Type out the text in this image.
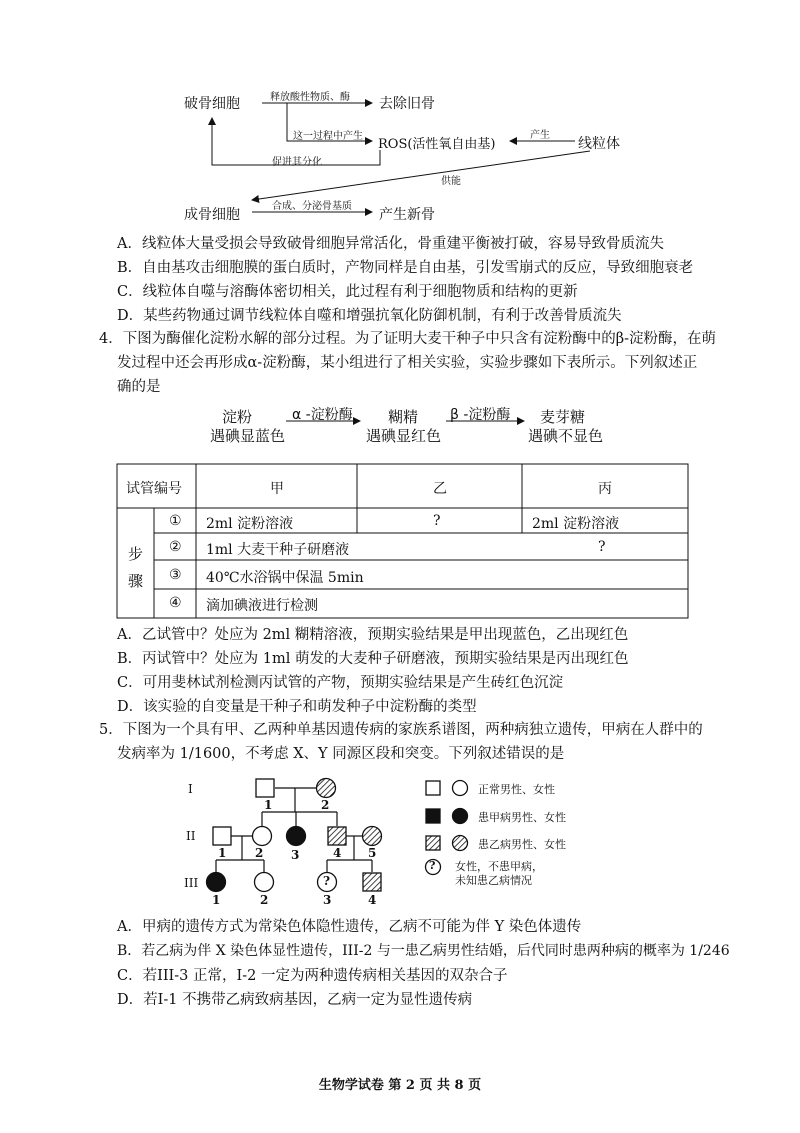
破骨细胞	释放酸性物质、酶 去除旧骨
这一过程中产生
ROS(活性氧自由基)
产生
线粒体
促进其分化
供能
成骨细胞
合成、分泌骨基质
产生新骨
A．线粒体大量受损会导致破骨细胞异常活化，骨重建平衡被打破，容易导致骨质流失
B．自由基攻击细胞膜的蛋白质时，产物同样是自由基，引发雪崩式的反应，导致细胞衰老
C．线粒体自噬与溶酶体密切相关，此过程有利于细胞物质和结构的更新
D．某些药物通过调节线粒体自噬和增强抗氧化防御机制，有利于改善骨质流失
4．下图为酶催化淀粉水解的部分过程。为了证明大麦干种子中只含有淀粉酶中的β-淀粉酶，在萌
发过程中还会再形成α-淀粉酶，某小组进行了相关实验，实验步骤如下表所示。下列叙述正
确的是
淀粉
遇碘显蓝色
α -淀粉酶 糊精
遇碘显红色
β -淀粉酶 麦芽糖
遇碘不显色
试管编号	甲	乙	丙
步
骤
① 2ml 淀粉溶液	?	2ml 淀粉溶液
② 1ml 大麦干种子研磨液	?
③ 40℃水浴锅中保温 5min
④ 滴加碘液进行检测
A．乙试管中？处应为 2ml 糊精溶液，预期实验结果是甲出现蓝色，乙出现红色
B．丙试管中？处应为 1ml 萌发的大麦种子研磨液，预期实验结果是丙出现红色
C．可用斐林试剂检测丙试管的产物，预期实验结果是产生砖红色沉淀
D．该实验的自变量是干种子和萌发种子中淀粉酶的类型
5．下图为一个具有甲、乙两种单基因遗传病的家族系谱图，两种病独立遗传，甲病在人群中的
发病率为 1/1600，不考虑 X、Y 同源区段和突变。下列叙述错误的是
I
II
III
1	2
1 2 3	4 5
1	2	3	4
?
?
正常男性、女性
患甲病男性、女性
患乙病男性、女性
女性，不患甲病，
未知患乙病情况
A．甲病的遗传方式为常染色体隐性遗传，乙病不可能为伴 Y 染色体遗传
B．若乙病为伴 X 染色体显性遗传，III-2 与一患乙病男性结婚，后代同时患两种病的概率为 1/246
C．若III-3 正常，Ⅰ-2 一定为两种遗传病相关基因的双杂合子
D．若Ⅰ-1 不携带乙病致病基因，乙病一定为显性遗传病
生物学试卷 第 2 页 共 8 页
